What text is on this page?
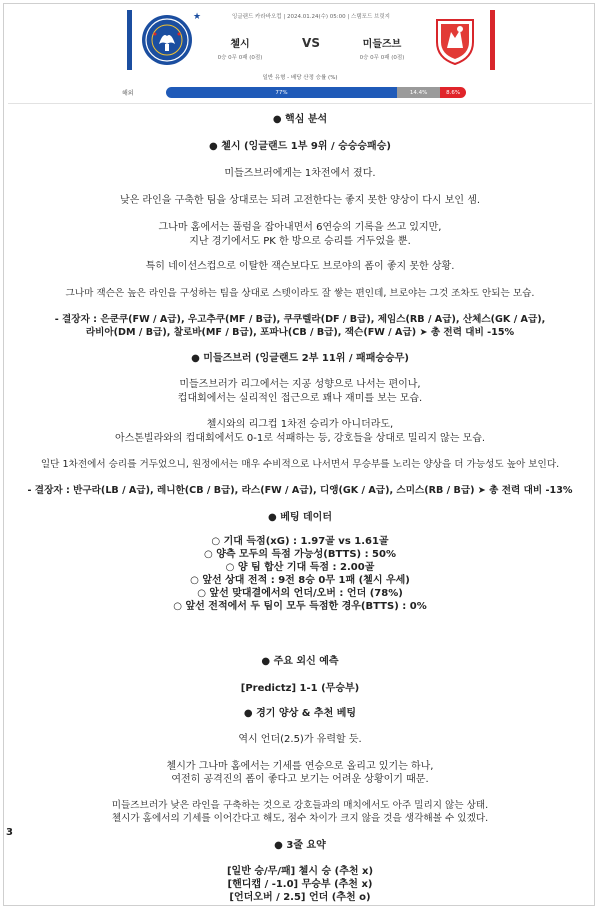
★	잉글랜드 카라바오컵 | 2024.01.24(수) 05:00 | 스탬포드 브릿지
첼시	VS	미들즈브
0승 0무 0패 (0점)	0승 0무 0패 (0점)
일반 유형 - 배당 산정 승률 (%)
해외	77%	14.4%	8.6%
● 핵심 분석
● 첼시 (잉글랜드 1부 9위 / 승승승패승)
미들즈브러에게는 1차전에서 졌다.
낮은 라인을 구축한 팀을 상대로는 되려 고전한다는 좋지 못한 양상이 다시 보인 셈.
그나마 홈에서는 풀럼을 잡아내면서 6연승의 기록을 쓰고 있지만,
지난 경기에서도 PK 한 방으로 승리를 거두었을 뿐.
특히 네이선스컵으로 이탈한 잭슨보다도 브로야의 폼이 좋지 못한 상황.
그나마 잭슨은 높은 라인을 구성하는 팀을 상대로 스텟이라도 잘 쌓는 편인데, 브로야는 그것 조차도 안되는 모습.
- 결장자 : 은쿤쿠(FW / A급), 우고추쿠(MF / B급), 쿠쿠렐라(DF / B급), 제임스(RB / A급), 산체스(GK / A급),
라비아(DM / B급), 찰로바(MF / B급), 포파나(CB / B급), 잭슨(FW / A급) ➤ 총 전력 대비 -15%
● 미들즈브러 (잉글랜드 2부 11위 / 패패승승무)
미들즈브러가 리그에서는 지공 성향으로 나서는 편이나,
컵대회에서는 실리적인 접근으로 꽤나 재미를 보는 모습.
첼시와의 리그컵 1차전 승리가 아니더라도,
아스톤빌라와의 컵대회에서도 0-1로 석패하는 등, 강호들을 상대로 밀리지 않는 모습.
일단 1차전에서 승리를 거두었으니, 원정에서는 매우 수비적으로 나서면서 무승부를 노리는 양상을 더 가능성도 높아 보인다.
- 결장자 : 반구라(LB / A급), 레니한(CB / B급), 라스(FW / A급), 디앵(GK / A급), 스미스(RB / B급) ➤ 총 전력 대비 -13%
● 베팅 데이터
○ 기대 득점(xG) : 1.97골 vs 1.61골
○ 양측 모두의 득점 가능성(BTTS) : 50%
○ 양 팀 합산 기대 득점 : 2.00골
○ 앞선 상대 전적 : 9전 8승 0무 1패 (첼시 우세)
○ 앞선 맞대결에서의 언더/오버 : 언더 (78%)
○ 앞선 전적에서 두 팀이 모두 득점한 경우(BTTS) : 0%
● 주요 외신 예측
[Predictz] 1-1 (무승부)
● 경기 양상 & 추천 베팅
역시 언더(2.5)가 유력할 듯.
첼시가 그나마 홈에서는 기세를 연승으로 올리고 있기는 하나,
여전히 공격진의 폼이 좋다고 보기는 어려운 상황이기 때문.
미들즈브러가 낮은 라인을 구축하는 것으로 강호들과의 매치에서도 아주 밀리지 않는 상태.
첼시가 홈에서의 기세를 이어간다고 해도, 점수 차이가 크지 않을 것을 생각해볼 수 있겠다.
● 3줄 요약
[일반 승/무/패] 첼시 승 (추천 x)
[핸디캡 / -1.0] 무승부 (추천 x)
[언더오버 / 2.5] 언더 (추천 o)
3
